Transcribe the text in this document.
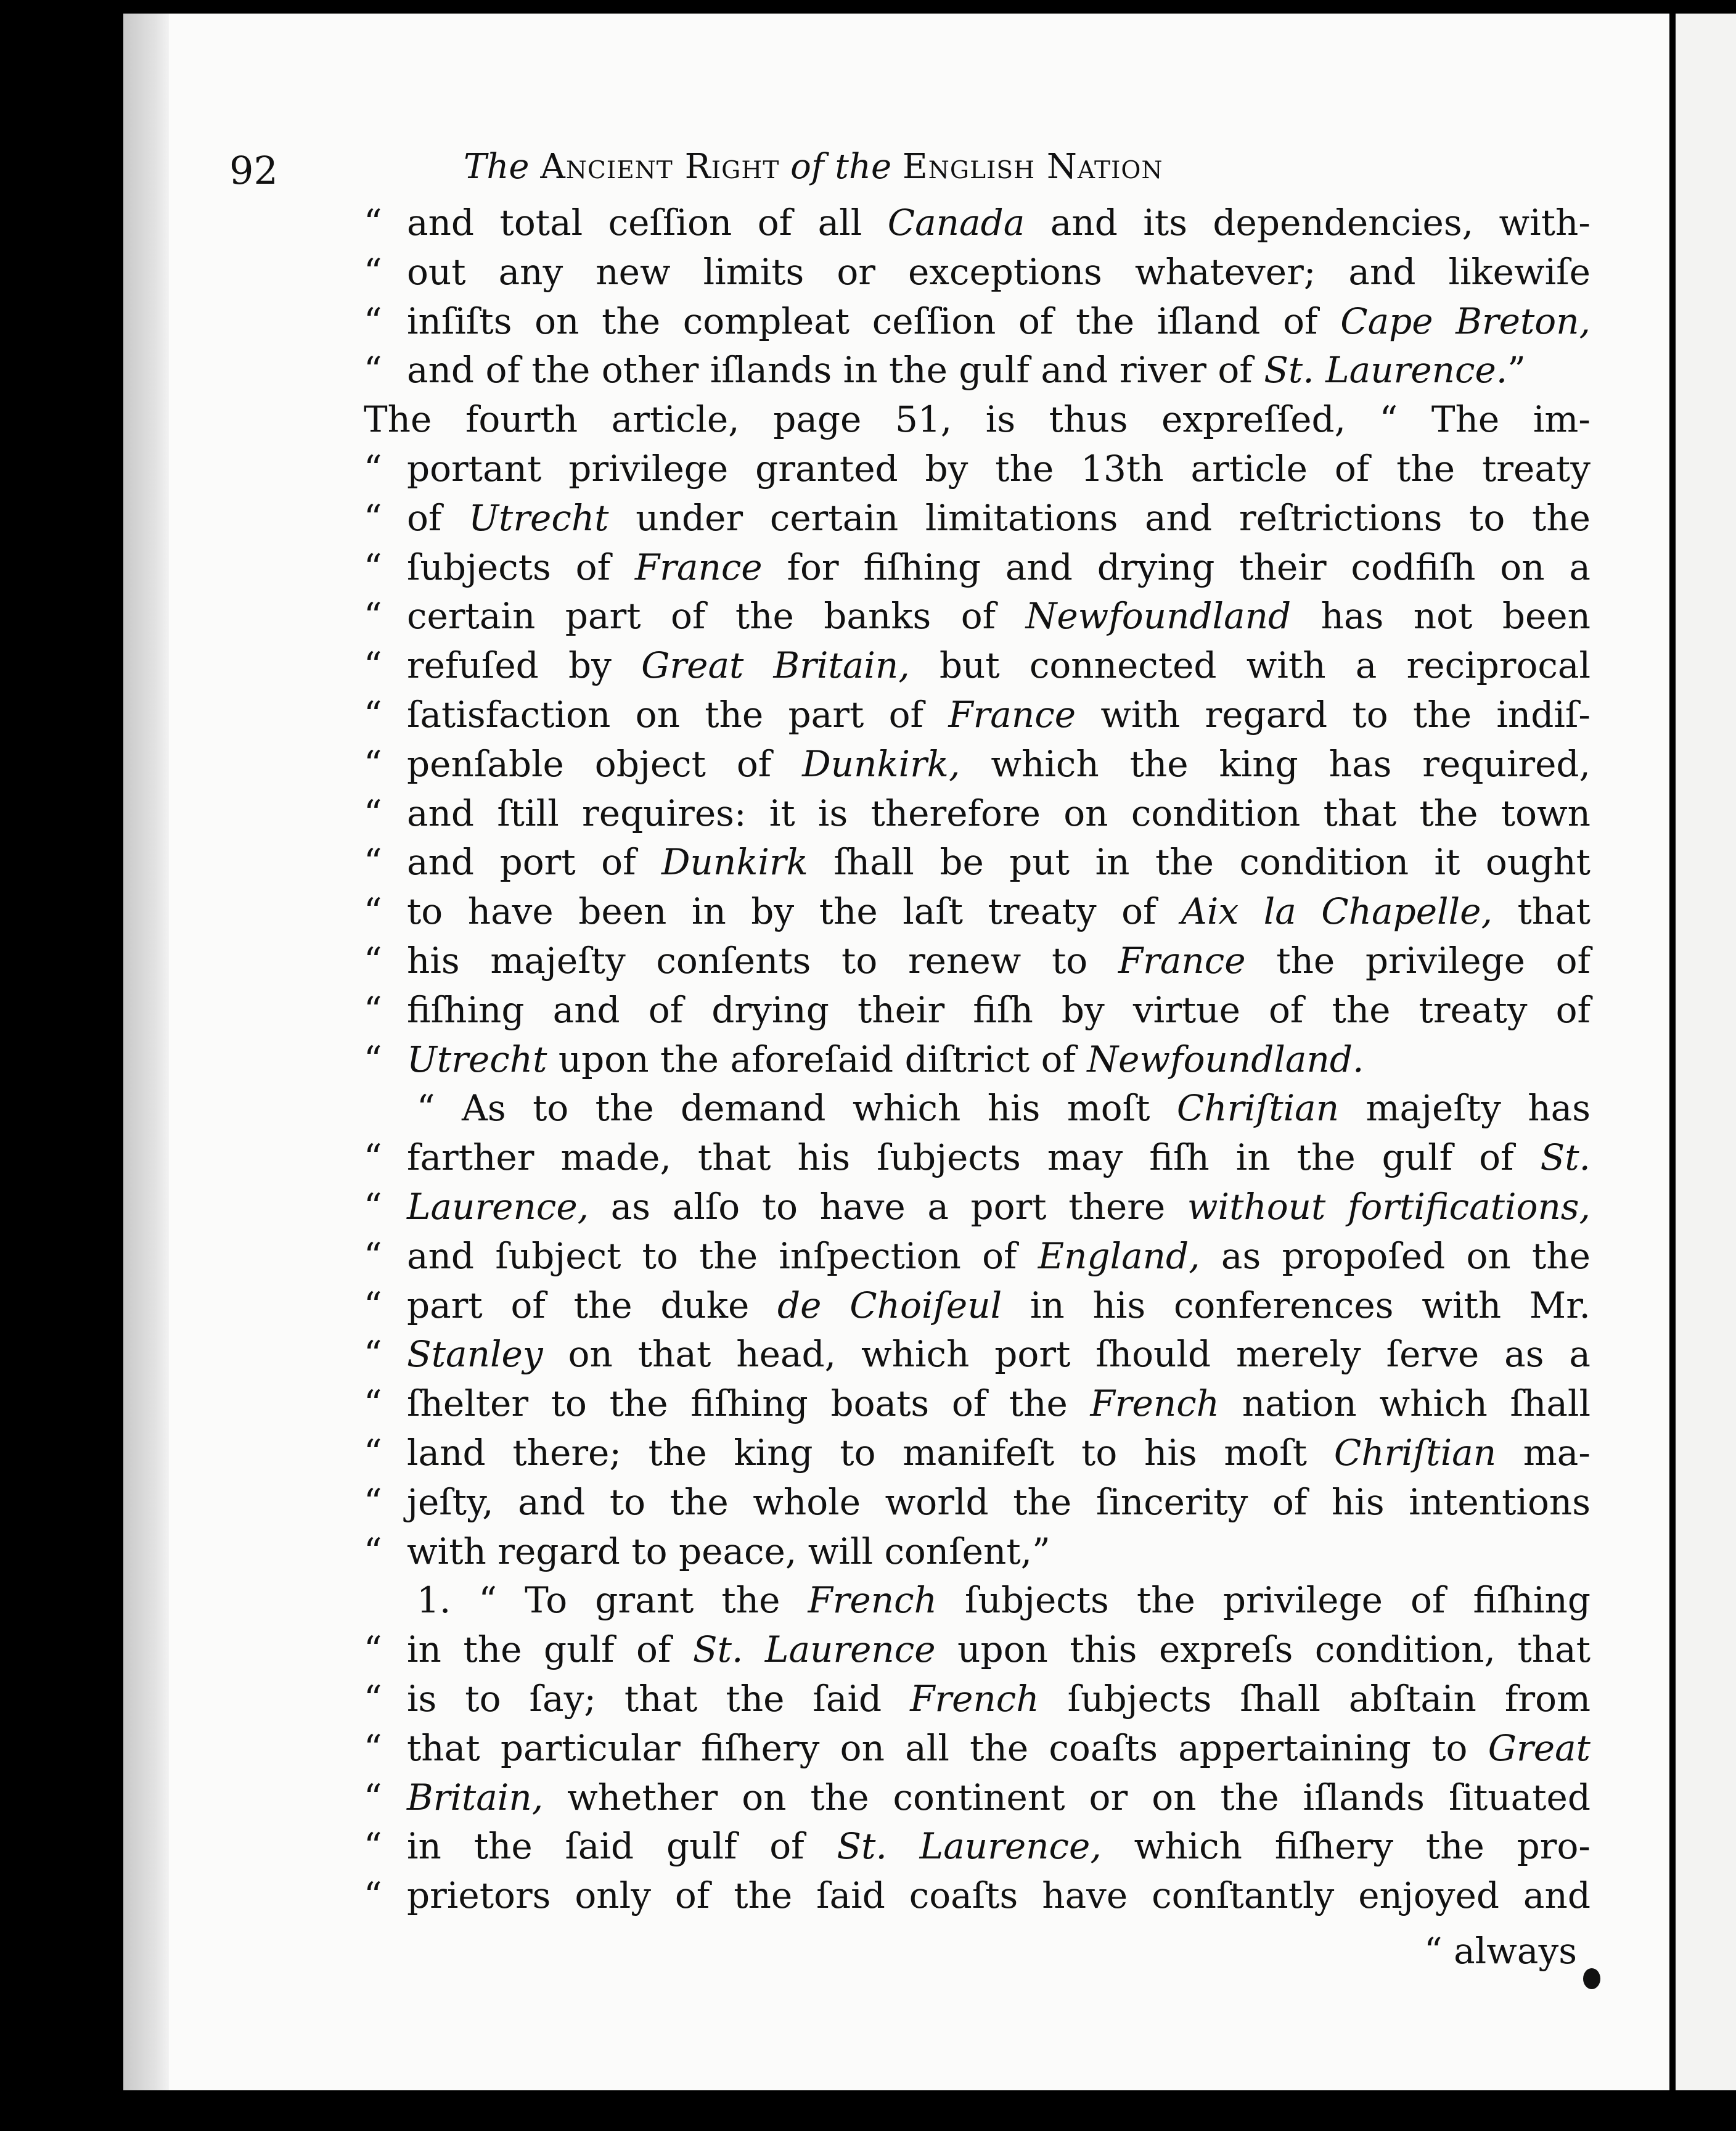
92	The Ancient Right of the English Nation

“ and total ceſſion of all Canada and its dependencies, with-
“ out any new limits or exceptions whatever; and likewiſe
“ inſiſts on the compleat ceſſion of the iſland of Cape Breton,
“ and of the other iſlands in the gulf and river of St. Laurence.”
The fourth article, page 51, is thus expreſſed, “ The im-
“ portant privilege granted by the 13th article of the treaty
“ of Utrecht under certain limitations and reſtrictions to the
“ ſubjects of France for fiſhing and drying their codfiſh on a
“ certain part of the banks of Newfoundland has not been
“ refuſed by Great Britain, but connected with a reciprocal
“ ſatisfaction on the part of France with regard to the indiſ-
“ penſable object of Dunkirk, which the king has required,
“ and ſtill requires: it is therefore on condition that the town
“ and port of Dunkirk ſhall be put in the condition it ought
“ to have been in by the laſt treaty of Aix la Chapelle, that
“ his majeſty conſents to renew to France the privilege of
“ fiſhing and of drying their fiſh by virtue of the treaty of
“ Utrecht upon the aforeſaid diſtrict of Newfoundland.
“ As to the demand which his moſt Chriſtian majeſty has
“ farther made, that his ſubjects may fiſh in the gulf of St.
“ Laurence, as alſo to have a port there without fortifications,
“ and ſubject to the inſpection of England, as propoſed on the
“ part of the duke de Choiſeul in his conferences with Mr.
“ Stanley on that head, which port ſhould merely ſerve as a
“ ſhelter to the fiſhing boats of the French nation which ſhall
“ land there; the king to manifeſt to his moſt Chriſtian ma-
“ jeſty, and to the whole world the ſincerity of his intentions
“ with regard to peace, will conſent,”
1. “ To grant the French ſubjects the privilege of fiſhing
“ in the gulf of St. Laurence upon this expreſs condition, that
“ is to ſay; that the ſaid French ſubjects ſhall abſtain from
“ that particular fiſhery on all the coaſts appertaining to Great
“ Britain, whether on the continent or on the iſlands ſituated
“ in the ſaid gulf of St. Laurence, which fiſhery the pro-
“ prietors only of the ſaid coaſts have conſtantly enjoyed and

“ always
